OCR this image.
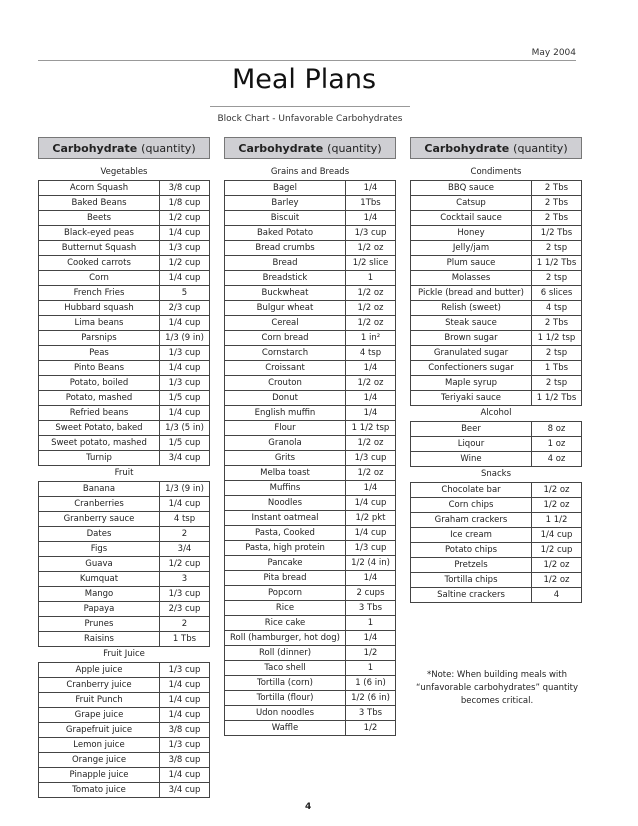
May 2004
Meal Plans
Block Chart - Unfavorable Carbohydrates
Carbohydrate (quantity)	Carbohydrate (quantity)	Carbohydrate (quantity)
Vegetables
Acorn Squash	3/8 cup
Baked Beans	1/8 cup
Beets	1/2 cup
Black-eyed peas	1/4 cup
Butternut Squash	1/3 cup
Cooked carrots	1/2 cup
Corn	1/4 cup
French Fries	5
Hubbard squash	2/3 cup
Lima beans	1/4 cup
Parsnips	1/3 (9 in)
Peas	1/3 cup
Pinto Beans	1/4 cup
Potato, boiled	1/3 cup
Potato, mashed	1/5 cup
Refried beans	1/4 cup
Sweet Potato, baked	1/3 (5 in)
Sweet potato, mashed	1/5 cup
Turnip	3/4 cup
Fruit
Banana	1/3 (9 in)
Cranberries	1/4 cup
Granberry sauce	4 tsp
Dates	2
Figs	3/4
Guava	1/2 cup
Kumquat	3
Mango	1/3 cup
Papaya	2/3 cup
Prunes	2
Raisins	1 Tbs
Fruit Juice
Apple juice	1/3 cup
Cranberry juice	1/4 cup
Fruit Punch	1/4 cup
Grape juice	1/4 cup
Grapefruit juice	3/8 cup
Lemon juice	1/3 cup
Orange juice	3/8 cup
Pinapple juice	1/4 cup
Tomato juice	3/4 cup
Grains and Breads
Bagel	1/4
Barley	1Tbs
Biscuit	1/4
Baked Potato	1/3 cup
Bread crumbs	1/2 oz
Bread	1/2 slice
Breadstick	1
Buckwheat	1/2 oz
Bulgur wheat	1/2 oz
Cereal	1/2 oz
Corn bread	1 in²
Cornstarch	4 tsp
Croissant	1/4
Crouton	1/2 oz
Donut	1/4
English muffin	1/4
Flour	1 1/2 tsp
Granola	1/2 oz
Grits	1/3 cup
Melba toast	1/2 oz
Muffins	1/4
Noodles	1/4 cup
Instant oatmeal	1/2 pkt
Pasta, Cooked	1/4 cup
Pasta, high protein	1/3 cup
Pancake	1/2 (4 in)
Pita bread	1/4
Popcorn	2 cups
Rice	3 Tbs
Rice cake	1
Roll (hamburger, hot dog)	1/4
Roll (dinner)	1/2
Taco shell	1
Tortilla (corn)	1 (6 in)
Tortilla (flour)	1/2 (6 in)
Udon noodles	3 Tbs
Waffle	1/2
Condiments
BBQ sauce	2 Tbs
Catsup	2 Tbs
Cocktail sauce	2 Tbs
Honey	1/2 Tbs
Jelly/jam	2 tsp
Plum sauce	1 1/2 Tbs
Molasses	2 tsp
Pickle (bread and butter)	6 slices
Relish (sweet)	4 tsp
Steak sauce	2 Tbs
Brown sugar	1 1/2 tsp
Granulated sugar	2 tsp
Confectioners sugar	1 Tbs
Maple syrup	2 tsp
Teriyaki sauce	1 1/2 Tbs
Alcohol
Beer	8 oz
Liqour	1 oz
Wine	4 oz
Snacks
Chocolate bar	1/2 oz
Corn chips	1/2 oz
Graham crackers	1 1/2
Ice cream	1/4 cup
Potato chips	1/2 cup
Pretzels	1/2 oz
Tortilla chips	1/2 oz
Saltine crackers	4
*Note: When building meals with “unfavorable carbohydrates” quantity becomes critical.
4
